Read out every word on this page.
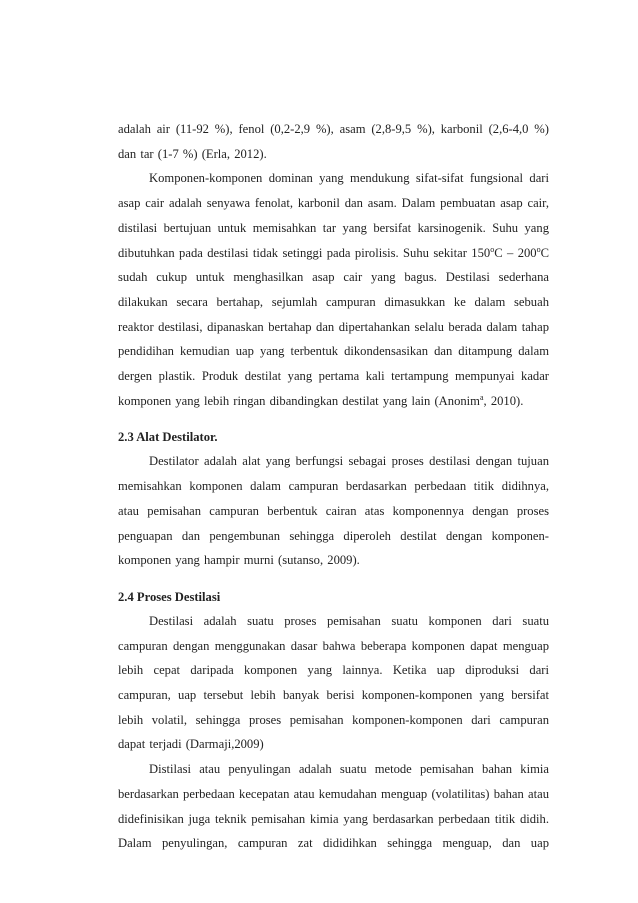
adalah air (11-92 %), fenol (0,2-2,9 %), asam (2,8-9,5 %), karbonil (2,6-4,0 %) dan tar (1-7 %) (Erla, 2012).

Komponen-komponen dominan yang mendukung sifat-sifat fungsional dari asap cair adalah senyawa fenolat, karbonil dan asam. Dalam pembuatan asap cair, distilasi bertujuan untuk memisahkan tar yang bersifat karsinogenik. Suhu yang dibutuhkan pada destilasi tidak setinggi pada pirolisis. Suhu sekitar 150$^o$C – 200$^o$C sudah cukup untuk menghasilkan asap cair yang bagus. Destilasi sederhana dilakukan secara bertahap, sejumlah campuran dimasukkan ke dalam sebuah reaktor destilasi, dipanaskan bertahap dan dipertahankan selalu berada dalam tahap pendidihan kemudian uap yang terbentuk dikondensasikan dan ditampung dalam dergen plastik. Produk destilat yang pertama kali tertampung mempunyai kadar komponen yang lebih ringan dibandingkan destilat yang lain (Anonim$^a$, 2010).

2.3 Alat Destilator.

Destilator adalah alat yang berfungsi sebagai proses destilasi dengan tujuan memisahkan komponen dalam campuran berdasarkan perbedaan titik didihnya, atau pemisahan campuran berbentuk cairan atas komponennya dengan proses penguapan dan pengembunan sehingga diperoleh destilat dengan komponen-komponen yang hampir murni (sutanso, 2009).

2.4 Proses Destilasi

Destilasi adalah suatu proses pemisahan suatu komponen dari suatu campuran dengan menggunakan dasar bahwa beberapa komponen dapat menguap lebih cepat daripada komponen yang lainnya. Ketika uap diproduksi dari campuran, uap tersebut lebih banyak berisi komponen-komponen yang bersifat lebih volatil, sehingga proses pemisahan komponen-komponen dari campuran dapat terjadi (Darmaji,2009)

Distilasi atau penyulingan adalah suatu metode pemisahan bahan kimia berdasarkan perbedaan kecepatan atau kemudahan menguap (volatilitas) bahan atau didefinisikan juga teknik pemisahan kimia yang berdasarkan perbedaan titik didih. Dalam penyulingan, campuran zat dididihkan sehingga menguap, dan uap
